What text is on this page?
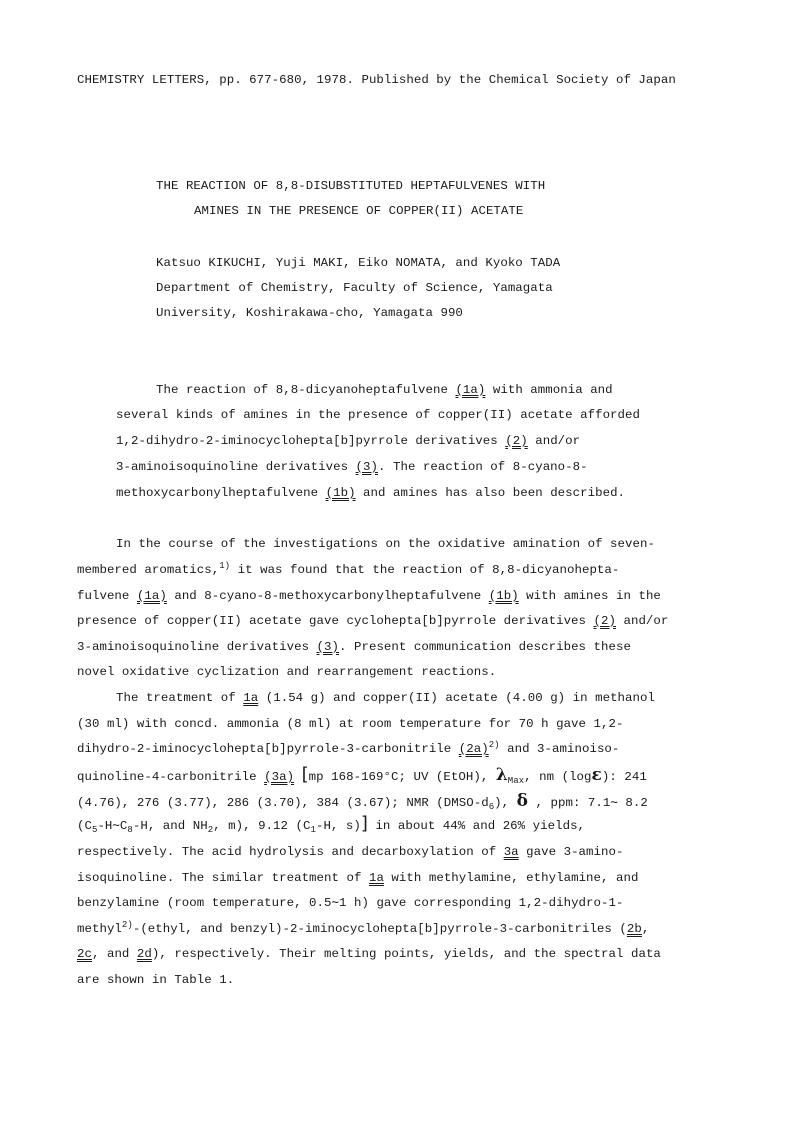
CHEMISTRY LETTERS, pp. 677-680, 1978. Published by the Chemical Society of Japan
THE REACTION OF 8,8-DISUBSTITUTED HEPTAFULVENES WITH
AMINES IN THE PRESENCE OF COPPER(II) ACETATE
Katsuo KIKUCHI, Yuji MAKI, Eiko NOMATA, and Kyoko TADA
Department of Chemistry, Faculty of Science, Yamagata
University, Koshirakawa-cho, Yamagata 990
The reaction of 8,8-dicyanoheptafulvene (1a) with ammonia and
several kinds of amines in the presence of copper(II) acetate afforded
1,2-dihydro-2-iminocyclohepta[b]pyrrole derivatives (2) and/or
3-aminoisoquinoline derivatives (3). The reaction of 8-cyano-8-
methoxycarbonylheptafulvene (1b) and amines has also been described.
In the course of the investigations on the oxidative amination of seven-
membered aromatics,$^{1)}$ it was found that the reaction of 8,8-dicyanohepta-
fulvene (1a) and 8-cyano-8-methoxycarbonylheptafulvene (1b) with amines in the
presence of copper(II) acetate gave cyclohepta[b]pyrrole derivatives (2) and/or
3-aminoisoquinoline derivatives (3). Present communication describes these
novel oxidative cyclization and rearrangement reactions.
The treatment of 1a (1.54 g) and copper(II) acetate (4.00 g) in methanol
(30 ml) with concd. ammonia (8 ml) at room temperature for 70 h gave 1,2-
dihydro-2-iminocyclohepta[b]pyrrole-3-carbonitrile $(2a)^{2)}$ and 3-aminoiso-
quinoline-4-carbonitrile (3a) [mp 168-169°C; UV (EtOH), $\lambda_{Max}$, nm (logε): 241
(4.76), 276 (3.77), 286 (3.70), 384 (3.67); NMR $(DMSO-d_6)$, δ , ppm: 7.1∼ 8.2
($C_5-H\sim C_8-H$, and $NH_2$, m), 9.12 ($C_1-H$, s)] in about 44% and 26% yields,
respectively. The acid hydrolysis and decarboxylation of 3a gave 3-amino-
isoquinoline. The similar treatment of 1a with methylamine, ethylamine, and
benzylamine (room temperature, 0.5∼1 h) gave corresponding 1,2-dihydro-1-
methyl$^{2)}$-(ethyl, and benzyl)-2-iminocyclohepta[b]pyrrole-3-carbonitriles (2b,
2c, and 2d), respectively. Their melting points, yields, and the spectral data
are shown in Table 1.
